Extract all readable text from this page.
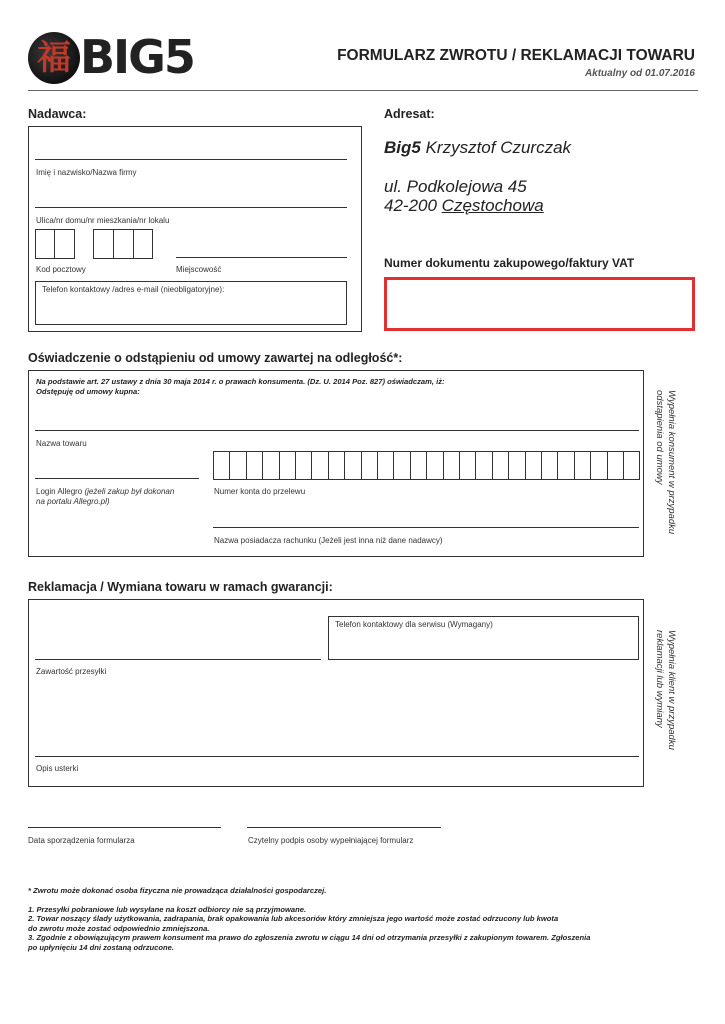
福 BIG5	FORMULARZ ZWROTU / REKLAMACJI TOWARU
Aktualny od 01.07.2016
Nadawca:
Imię i nazwisko/Nazwa firmy
Ulica/nr domu/nr mieszkania/nr lokalu
Kod pocztowy	Miejscowość
Telefon kontaktowy /adres e-mail (nieobligatoryjne):
Adresat:
Big5 Krzysztof Czurczak
ul. Podkolejowa 45
42-200 Częstochowa
Numer dokumentu zakupowego/faktury VAT
Oświadczenie o odstąpieniu od umowy zawartej na odległość*:
Na podstawie art. 27 ustawy z dnia 30 maja 2014 r. o prawach konsumenta. (Dz. U. 2014 Poz. 827) oświadczam, iż:
Odstępuję od umowy kupna:
Nazwa towaru
Login Allegro (jeżeli zakup był dokonan
na portalu Allegro.pl)
Numer konta do przelewu
Nazwa posiadacza rachunku (Jeżeli jest inna niż dane nadawcy)
Wypełnia konsument w przypadku
odstąpienia od umowy
Reklamacja / Wymiana towaru w ramach gwarancji:
Telefon kontaktowy dla serwisu (Wymagany)
Zawartość przesyłki
Opis usterki
Wypełnia klient w przypadku
reklamacji lub wymiany
Data sporządzenia formularza	Czytelny podpis osoby wypełniającej formularz
* Zwrotu może dokonać osoba fizyczna nie prowadząca działalności gospodarczej.
1. Przesyłki pobraniowe lub wysyłane na koszt odbiorcy nie są przyjmowane.
2. Towar noszący ślady użytkowania, zadrapania, brak opakowania lub akcesoriów który zmniejsza jego wartość może zostać odrzucony lub kwota
do zwrotu może zostać odpowiednio zmniejszona.
3. Zgodnie z obowiązującym prawem konsument ma prawo do zgłoszenia zwrotu w ciągu 14 dni od otrzymania przesyłki z zakupionym towarem. Zgłoszenia
po upłynięciu 14 dni zostaną odrzucone.
